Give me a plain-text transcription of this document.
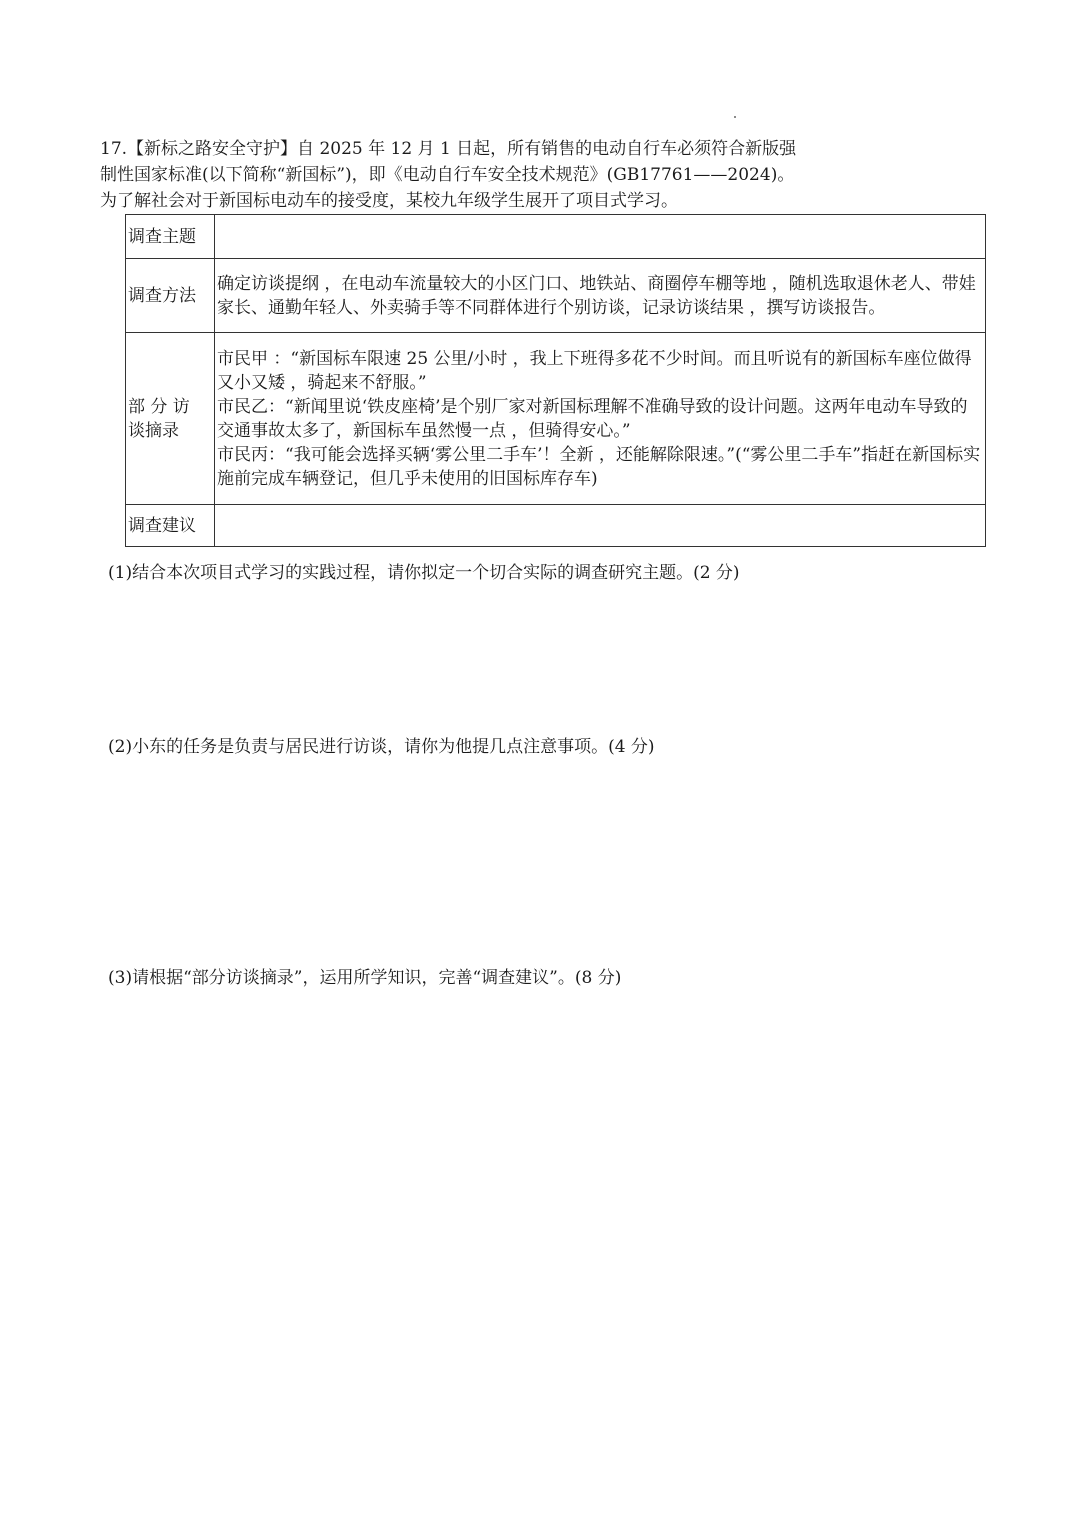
17.【新标之路安全守护】自 2025 年 12 月 1 日起，所有销售的电动自行车必须符合新版强
制性国家标准(以下简称“新国标”)，即《电动自行车安全技术规范》(GB17761——2024)。
为了解社会对于新国标电动车的接受度，某校九年级学生展开了项目式学习。
调查主题	
调查方法	确定访谈提纲 ，在电动车流量较大的小区门口、地铁站、商圈停车棚等地 ，随机选取退休老人、带娃家长、通勤年轻人、外卖骑手等不同群体进行个别访谈，记录访谈结果 ，撰写访谈报告。
部 分 访 谈摘录	市民甲 ：“新国标车限速 25 公里/小时 ，我上下班得多花不少时间。而且听说有的新国标车座位做得又小又矮 ，骑起来不舒服。”
市民乙：“新闻里说‘铁皮座椅’是个别厂家对新国标理解不准确导致的设计问题。这两年电动车导致的交通事故太多了，新国标车虽然慢一点 ，但骑得安心。”
市民丙：“我可能会选择买辆‘雾公里二手车’！全新 ，还能解除限速。”(“雾公里二手车”指赶在新国标实施前完成车辆登记，但几乎未使用的旧国标库存车)

调查建议	
(1)结合本次项目式学习的实践过程，请你拟定一个切合实际的调查研究主题。(2 分)
(2)小东的任务是负责与居民进行访谈，请你为他提几点注意事项。(4 分)
(3)请根据“部分访谈摘录”，运用所学知识，完善“调查建议”。(8 分)
